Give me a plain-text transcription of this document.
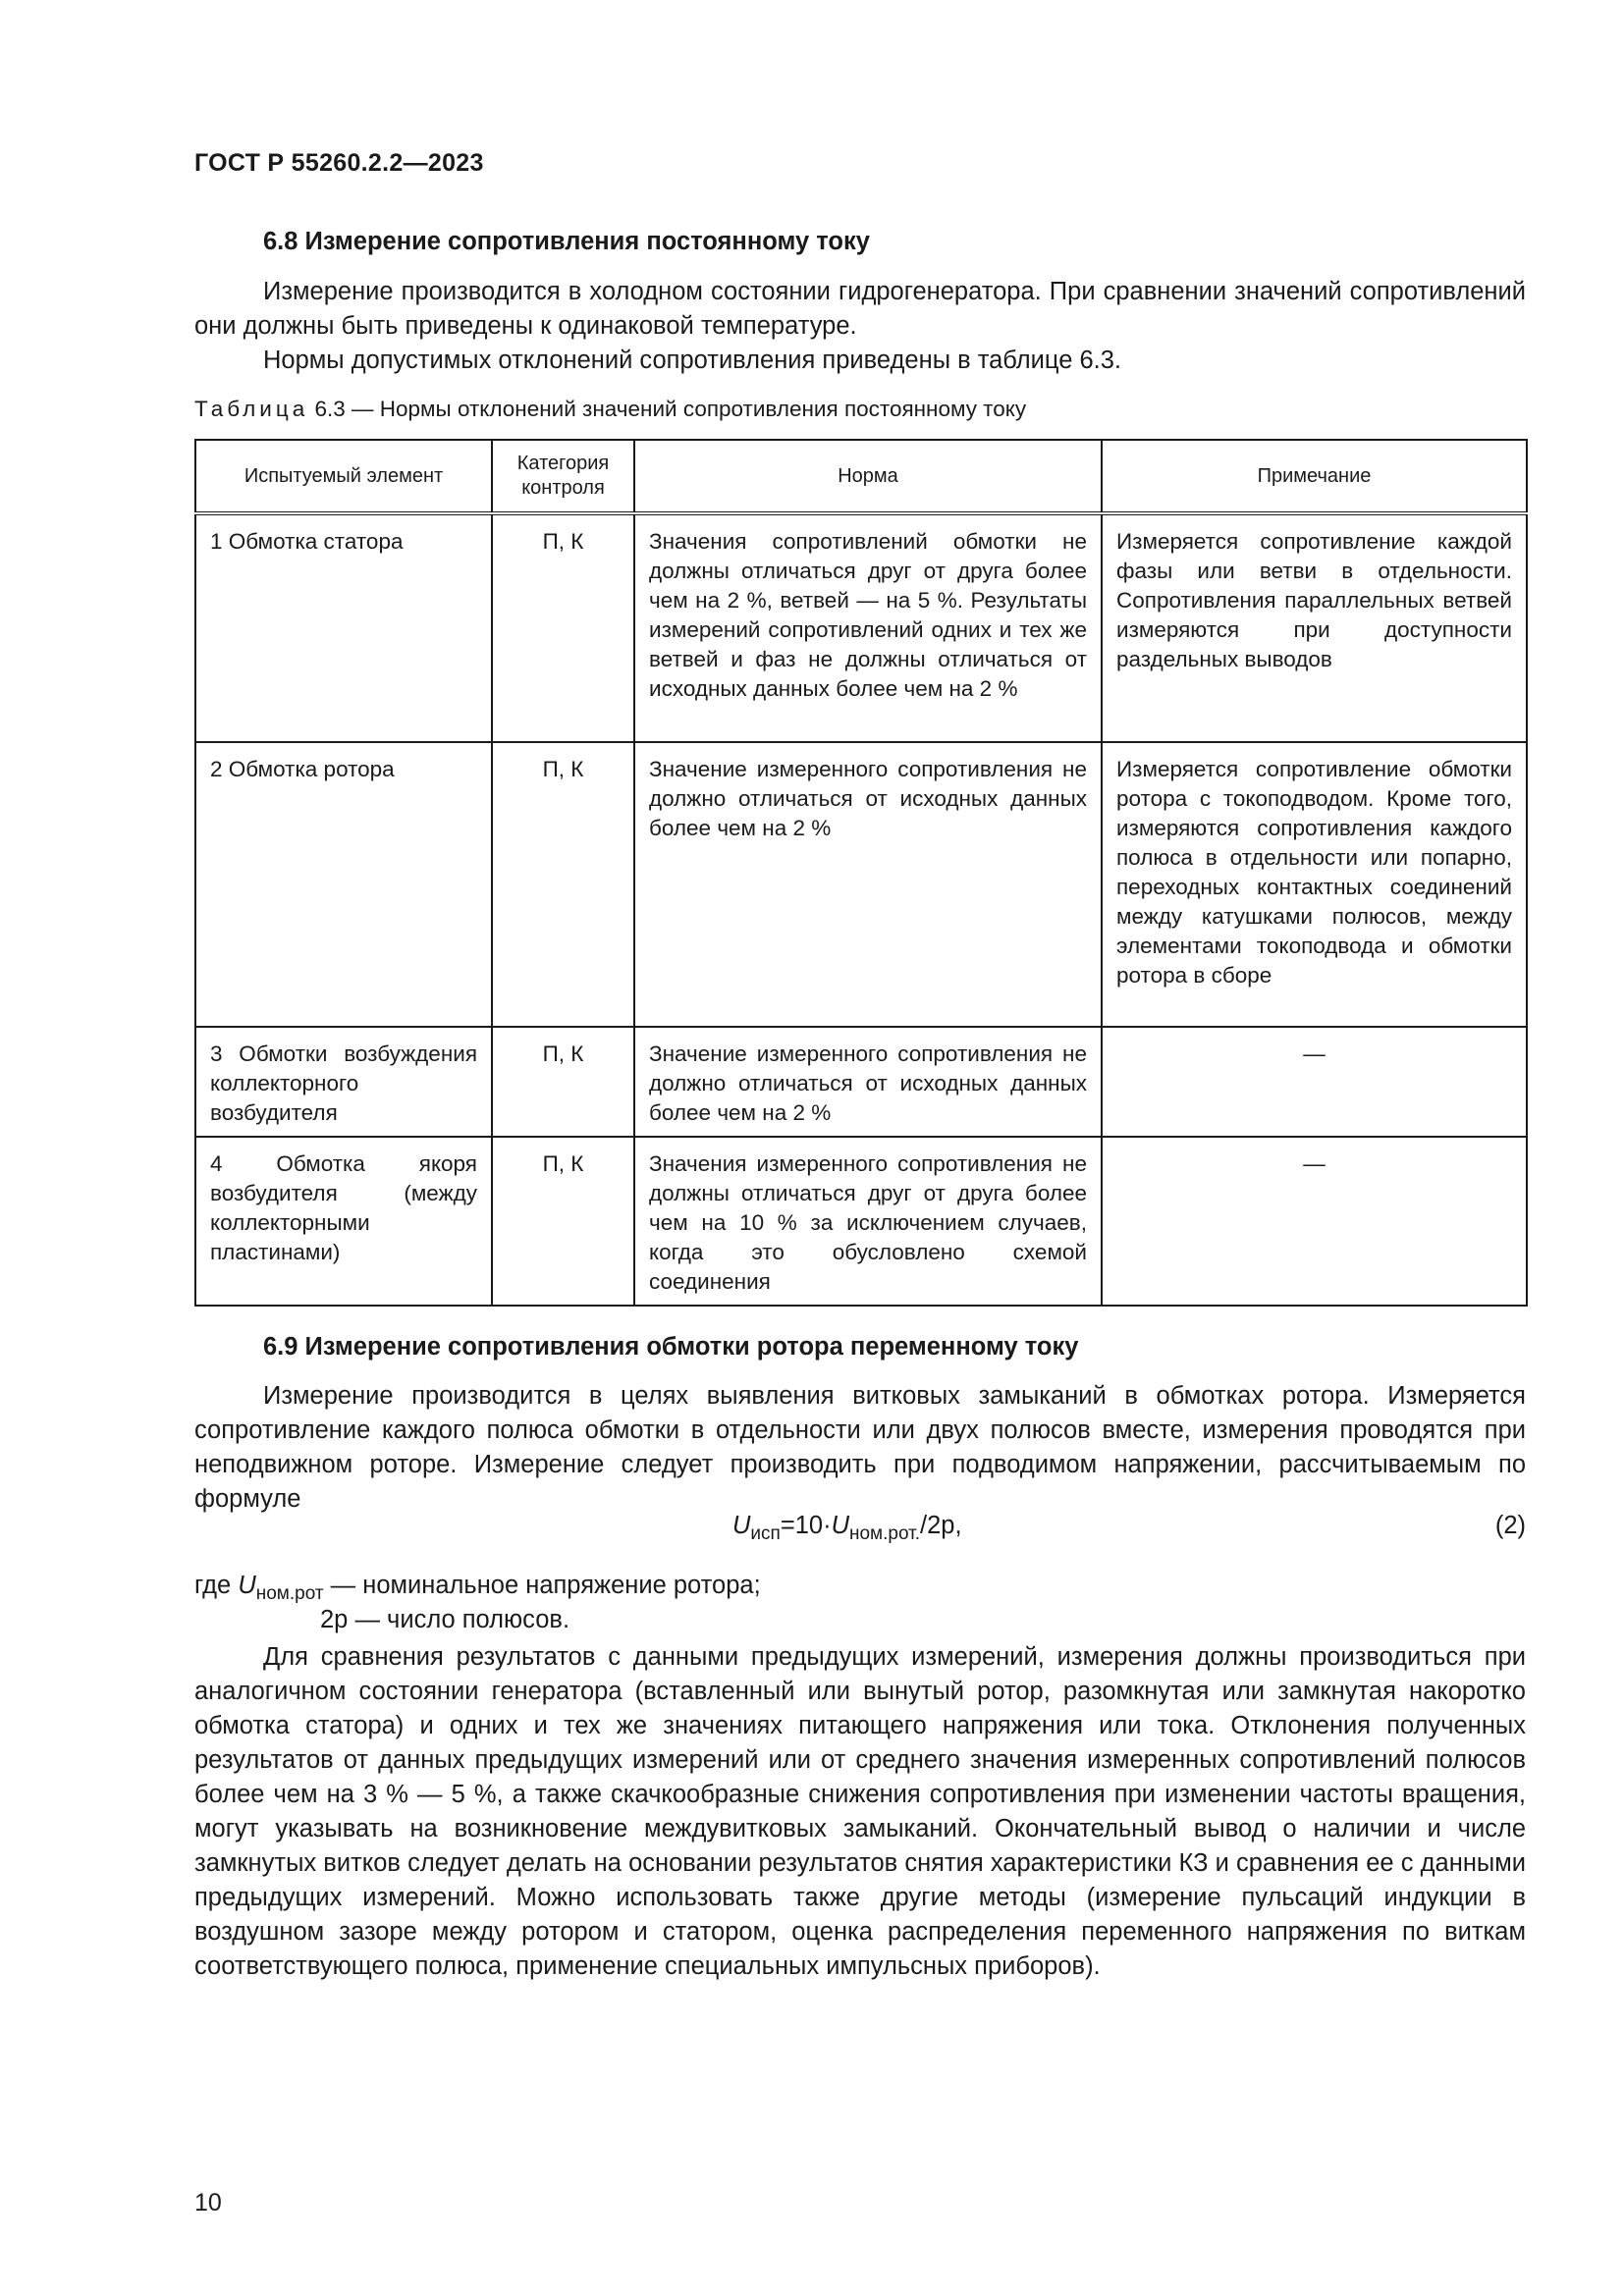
ГОСТ Р 55260.2.2—2023
6.8 Измерение сопротивления постоянному току

Измерение производится в холодном состоянии гидрогенератора. При сравнении значений сопротивлений они должны быть приведены к одинаковой температуре.

Нормы допустимых отклонений сопротивления приведены в таблице 6.3.

Таблица 6.3 — Нормы отклонений значений сопротивления постоянному току
Испытуемый элемент	Категория контроля	Норма	Примечание

1 Обмотка статора	П, К	Значения сопротивлений обмотки не должны отличаться друг от друга более чем на 2 %, ветвей — на 5 %. Результаты измерений сопротивлений одних и тех же ветвей и фаз не должны отличаться от исходных данных более чем на 2 %	Измеряется сопротивление каждой фазы или ветви в отдельности. Сопротивления параллельных ветвей измеряются при доступности раздельных выводов

2 Обмотка ротора	П, К	Значение измеренного сопротивления не должно отличаться от исходных данных более чем на 2 %	Измеряется сопротивление обмотки ротора с токоподводом. Кроме того, измеряются сопротивления каждого полюса в отдельности или попарно, переходных контактных соединений между катушками полюсов, между элементами токоподвода и обмотки ротора в сборе

3 Обмотки возбуждения коллекторного возбудителя	П, К	Значение измеренного сопротивления не должно отличаться от исходных данных более чем на 2 %	—

4 Обмотка якоря возбудителя (между коллекторными пластинами)	П, К	Значения измеренного сопротивления не должны отличаться друг от друга более чем на 10 % за исключением случаев, когда это обусловлено схемой соединения	—
6.9 Измерение сопротивления обмотки ротора переменному току

Измерение производится в целях выявления витковых замыканий в обмотках ротора. Измеряется сопротивление каждого полюса обмотки в отдельности или двух полюсов вместе, измерения проводятся при неподвижном роторе. Измерение следует производить при подводимом напряжении, рассчитываемым по формуле

$U_{исп}=10\cdot U_{ном.рот.}/2p$,	(2)
где $U_{ном.рот}$ — номинальное напряжение ротора;
2p — число полюсов.

Для сравнения результатов с данными предыдущих измерений, измерения должны производиться при аналогичном состоянии генератора (вставленный или вынутый ротор, разомкнутая или замкнутая накоротко обмотка статора) и одних и тех же значениях питающего напряжения или тока. Отклонения полученных результатов от данных предыдущих измерений или от среднего значения измеренных сопротивлений полюсов более чем на 3 % — 5 %, а также скачкообразные снижения сопротивления при изменении частоты вращения, могут указывать на возникновение междувитковых замыканий. Окончательный вывод о наличии и числе замкнутых витков следует делать на основании результатов снятия характеристики КЗ и сравнения ее с данными предыдущих измерений. Можно использовать также другие методы (измерение пульсаций индукции в воздушном зазоре между ротором и статором, оценка распределения переменного напряжения по виткам соответствующего полюса, применение специальных импульсных приборов).

10
